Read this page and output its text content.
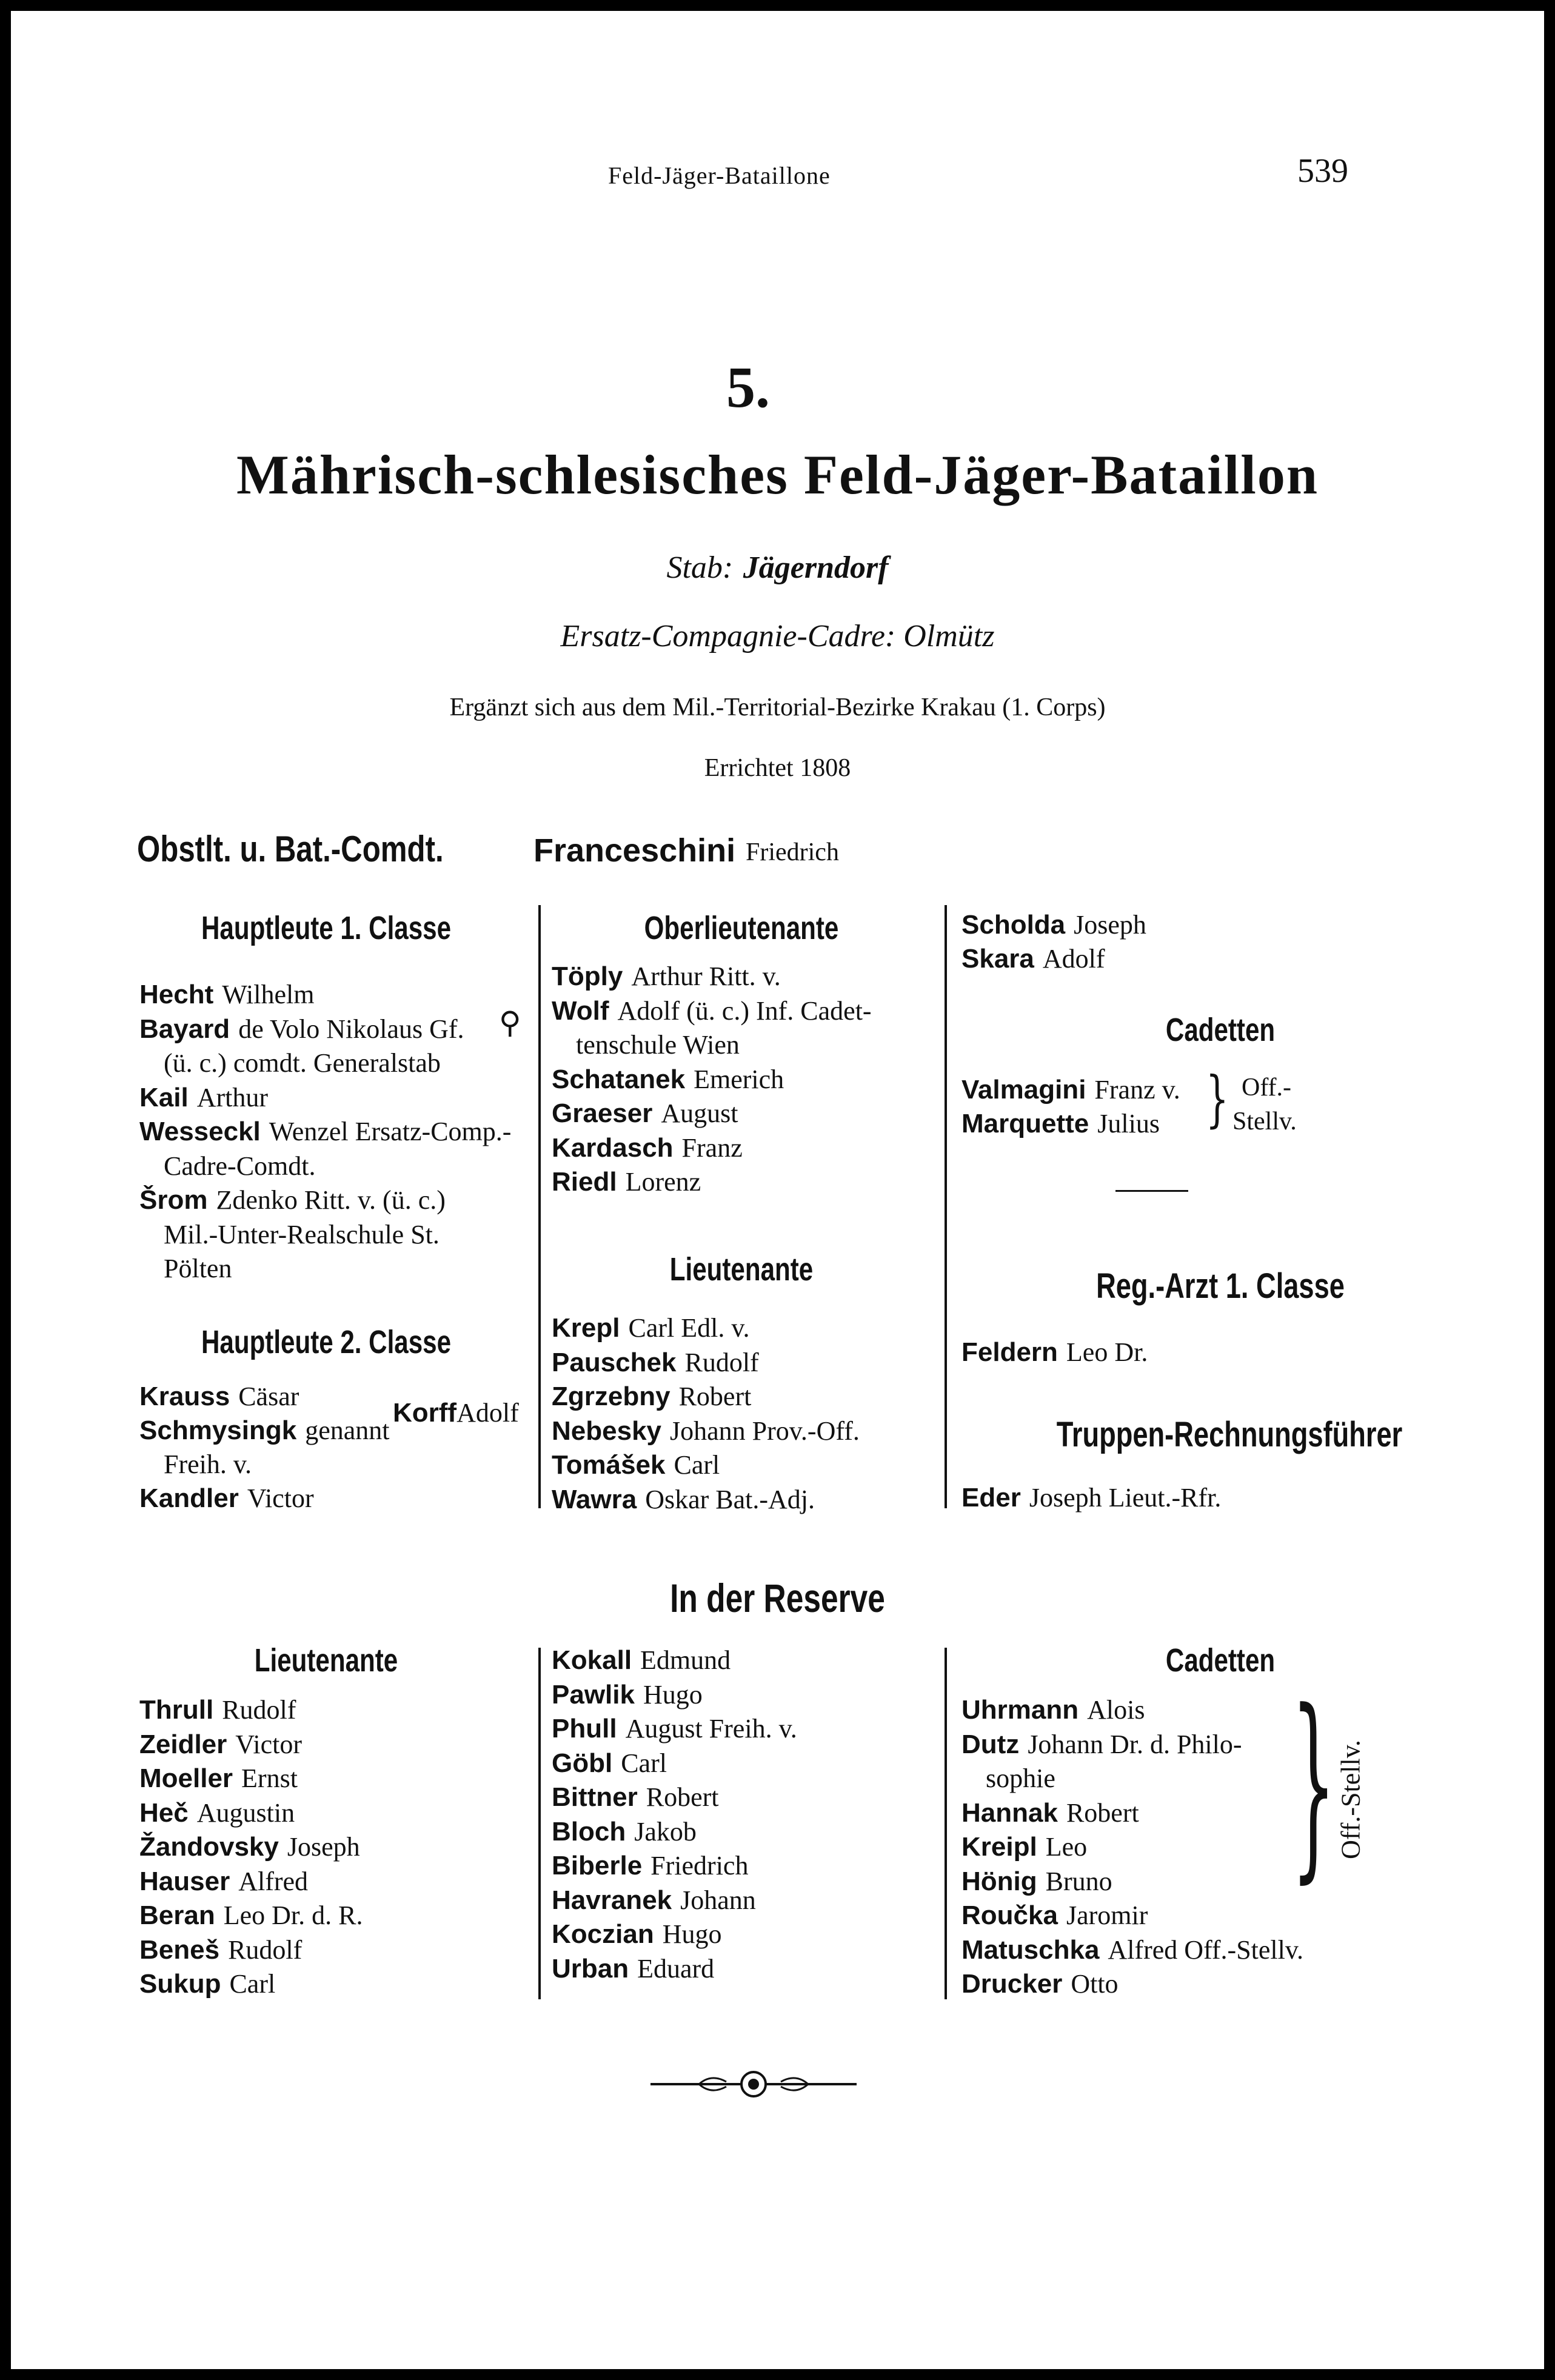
Feld-Jäger-Bataillone	539
5.
Mährisch-schlesisches Feld-Jäger-Bataillon
Stab: Jägerndorf
Ersatz-Compagnie-Cadre: Olmütz
Ergänzt sich aus dem Mil.-Territorial-Bezirke Krakau (1. Corps)
Errichtet 1808
Obstlt. u. Bat.-Comdt.	Franceschini Friedrich
Hauptleute 1. Classe
Hecht Wilhelm
Bayard de Volo Nikolaus Gf.
(ü. c.) comdt. Generalstab
Kail Arthur
Wesseckl Wenzel Ersatz-Comp.-
Cadre-Comdt.
Šrom Zdenko Ritt. v. (ü. c.)
Mil.-Unter-Realschule St.
Pölten
⚲
Hauptleute 2. Classe
Krauss Cäsar
Schmysingk genannt
Freih. v.
Kandler Victor
KorffAdolf
Oberlieutenante
Töply Arthur Ritt. v.
Wolf Adolf (ü. c.) Inf. Cadet-
tenschule Wien
Schatanek Emerich
Graeser August
Kardasch Franz
Riedl Lorenz
Lieutenante
Krepl Carl Edl. v.
Pauschek Rudolf
Zgrzebny Robert
Nebesky Johann Prov.-Off.
Tomášek Carl
Wawra Oskar Bat.-Adj.
Scholda Joseph
Skara Adolf
Cadetten
Valmagini Franz v.
Marquette Julius } Off.-
Stellv.
Reg.-Arzt 1. Classe
Feldern Leo Dr.
Truppen-Rechnungsführer
Eder Joseph Lieut.-Rfr.
In der Reserve
Lieutenante
Thrull Rudolf
Zeidler Victor
Moeller Ernst
Heč Augustin
Žandovsky Joseph
Hauser Alfred
Beran Leo Dr. d. R.
Beneš Rudolf
Sukup Carl
Kokall Edmund
Pawlik Hugo
Phull August Freih. v.
Göbl Carl
Bittner Robert
Bloch Jakob
Biberle Friedrich
Havranek Johann
Koczian Hugo
Urban Eduard
Cadetten
Uhrmann Alois
Dutz Johann Dr. d. Philo-
sophie
Hannak Robert
Kreipl Leo
Hönig Bruno
Roučka Jaromir
Matuschka Alfred Off.-Stellv.
Drucker Otto
} Off.-Stellv.
